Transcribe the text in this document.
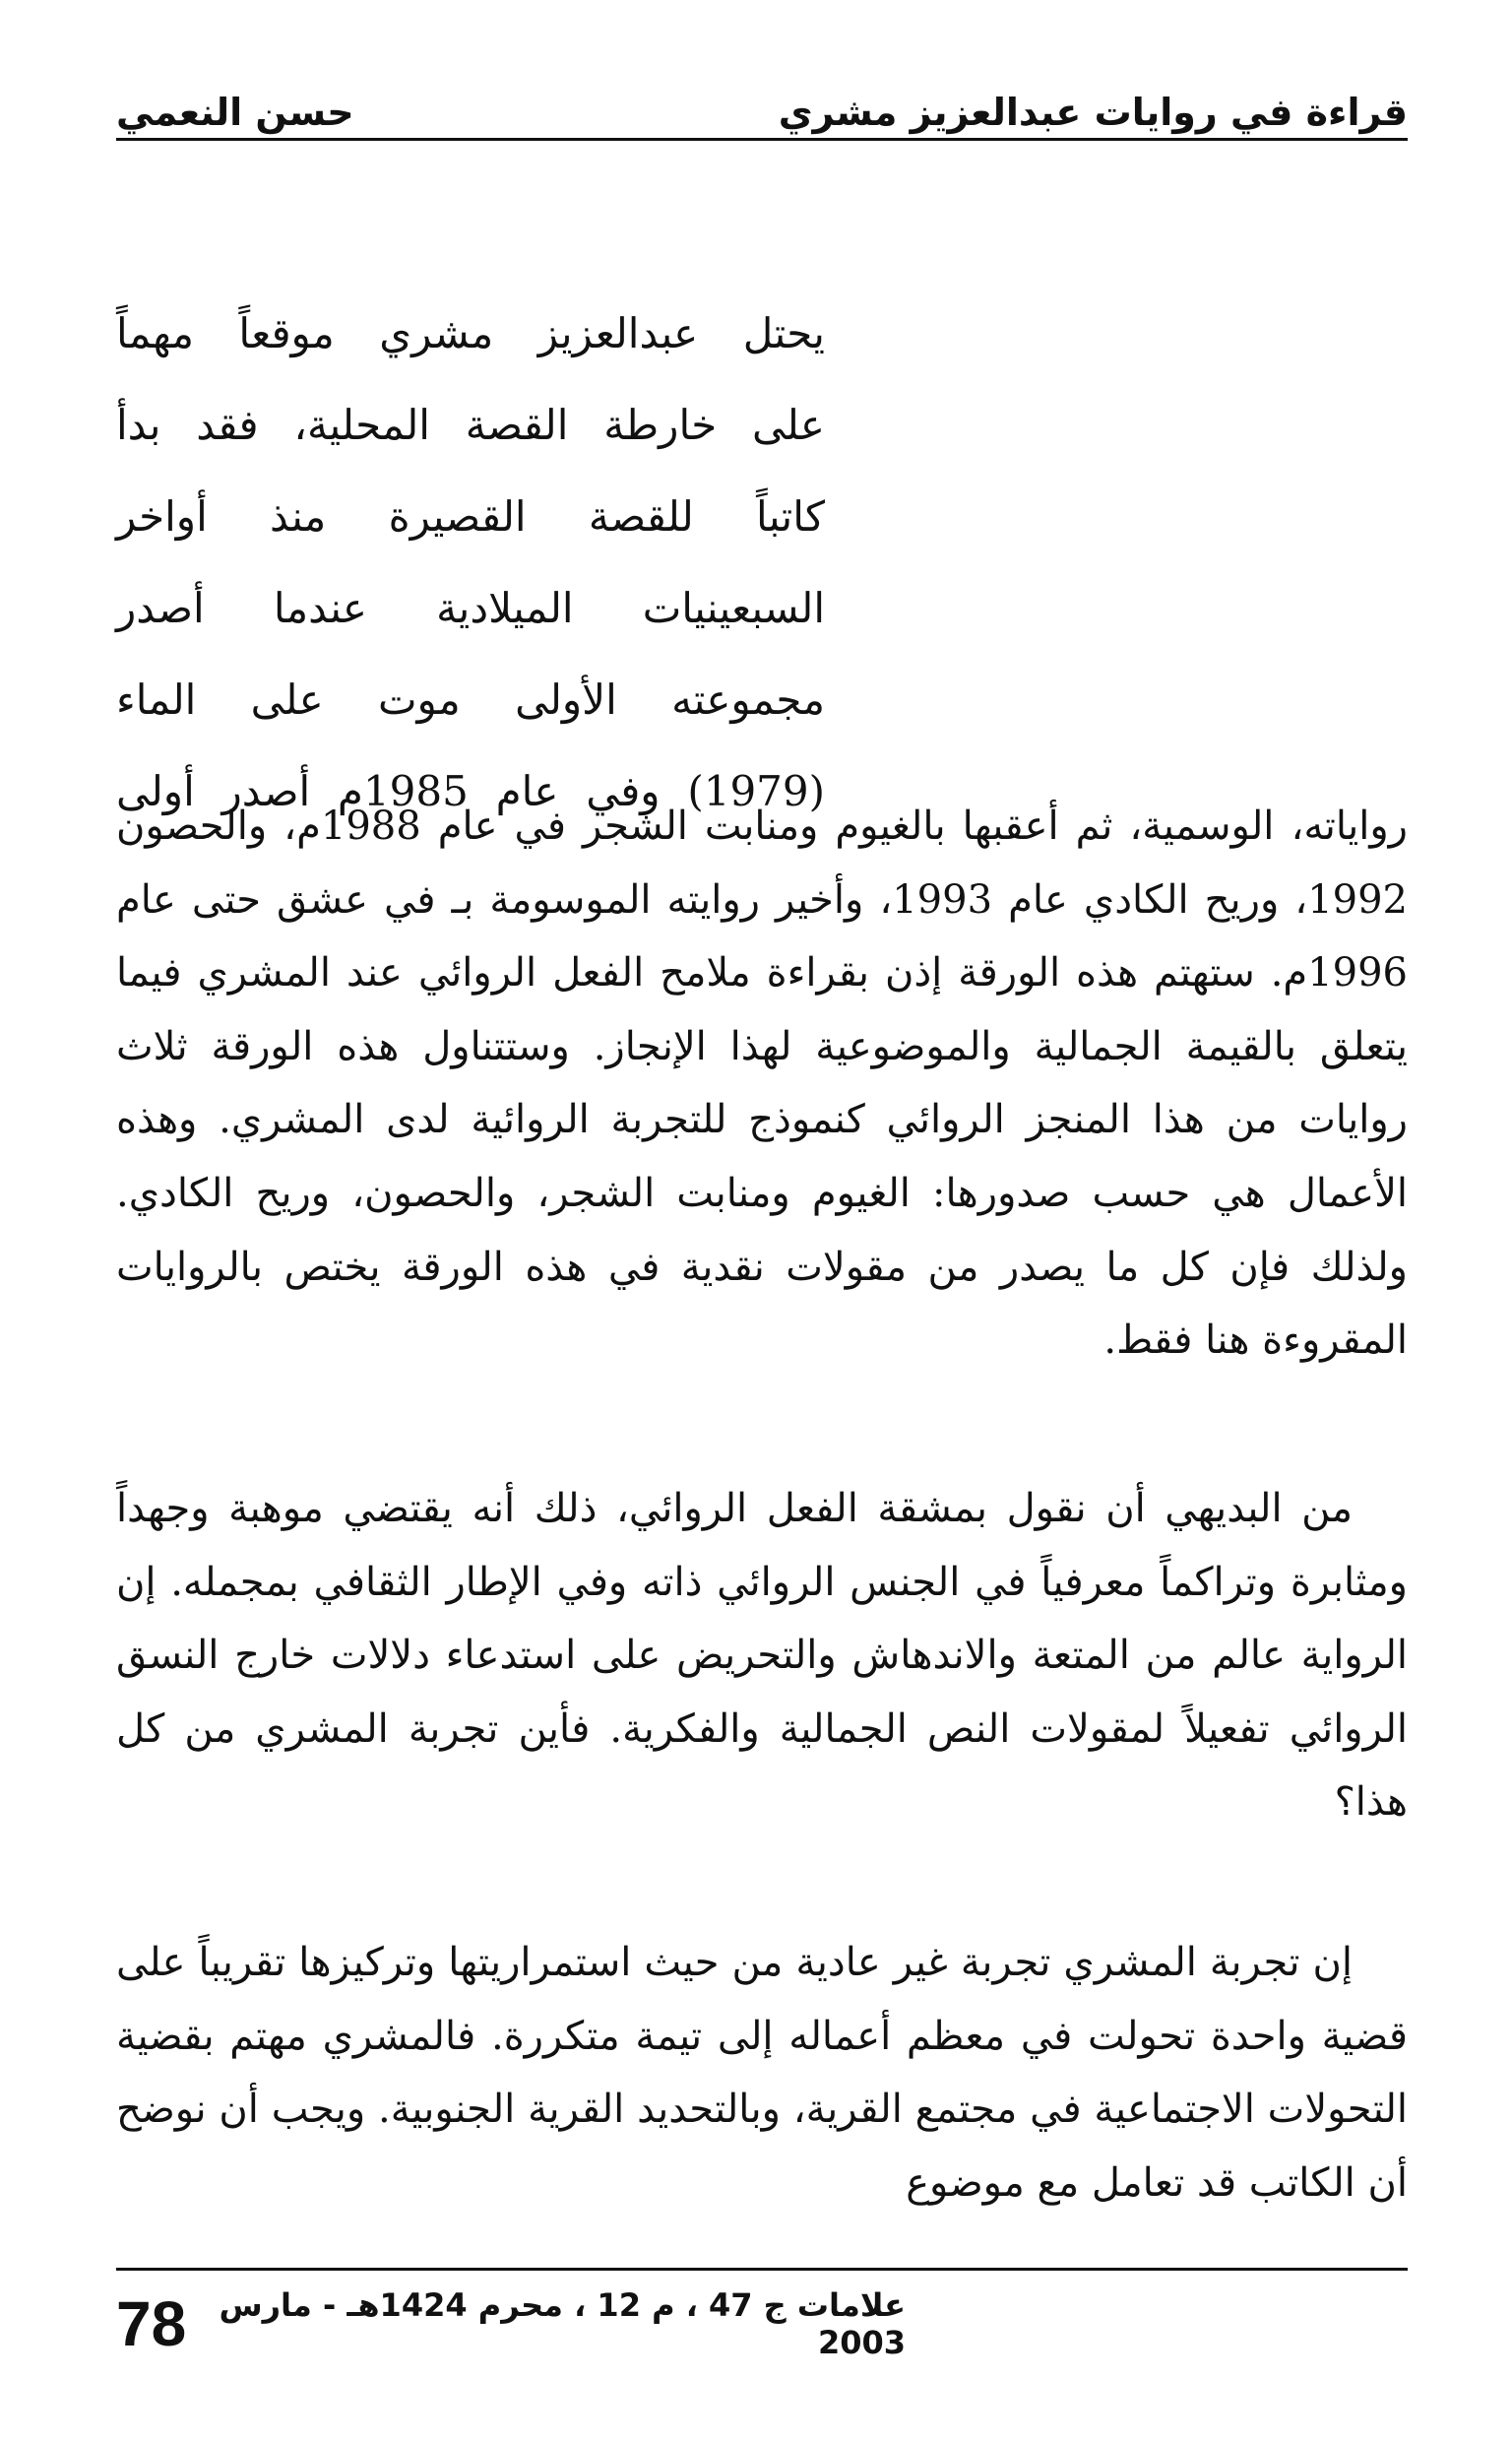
قراءة في روايات عبدالعزيز مشري
حسن النعمي
يحتل عبدالعزيز مشري موقعاً مهماً
على خارطة القصة المحلية، فقد بدأ
كاتباً للقصة القصيرة منذ أواخر
السبعينيات الميلادية عندما أصدر
مجموعته الأولى موت على الماء
(1979) وفي عام 1985م أصدر أولى

رواياته، الوسمية، ثم أعقبها بالغيوم ومنابت الشجر في عام 1988م، والحصون 1992، وريح الكادي عام 1993، وأخير روايته الموسومة بـ في عشق حتى عام 1996م. ستهتم هذه الورقة إذن بقراءة ملامح الفعل الروائي عند المشري فيما يتعلق بالقيمة الجمالية والموضوعية لهذا الإنجاز. وستتناول هذه الورقة ثلاث روايات من هذا المنجز الروائي كنموذج للتجربة الروائية لدى المشري. وهذه الأعمال هي حسب صدورها: الغيوم ومنابت الشجر، والحصون، وريح الكادي. ولذلك فإن كل ما يصدر من مقولات نقدية في هذه الورقة يختص بالروايات المقروءة هنا فقط.

من البديهي أن نقول بمشقة الفعل الروائي، ذلك أنه يقتضي موهبة وجهداً ومثابرة وتراكماً معرفياً في الجنس الروائي ذاته وفي الإطار الثقافي بمجمله. إن الرواية عالم من المتعة والاندهاش والتحريض على استدعاء دلالات خارج النسق الروائي تفعيلاً لمقولات النص الجمالية والفكرية. فأين تجربة المشري من كل هذا؟

إن تجربة المشري تجربة غير عادية من حيث استمراريتها وتركيزها تقريباً على قضية واحدة تحولت في معظم أعماله إلى تيمة متكررة. فالمشري مهتم بقضية التحولات الاجتماعية في مجتمع القرية، وبالتحديد القرية الجنوبية. ويجب أن نوضح أن الكاتب قد تعامل مع موضوع

علامات ج 47 ، م 12 ، محرم 1424هـ - مارس 2003
78
